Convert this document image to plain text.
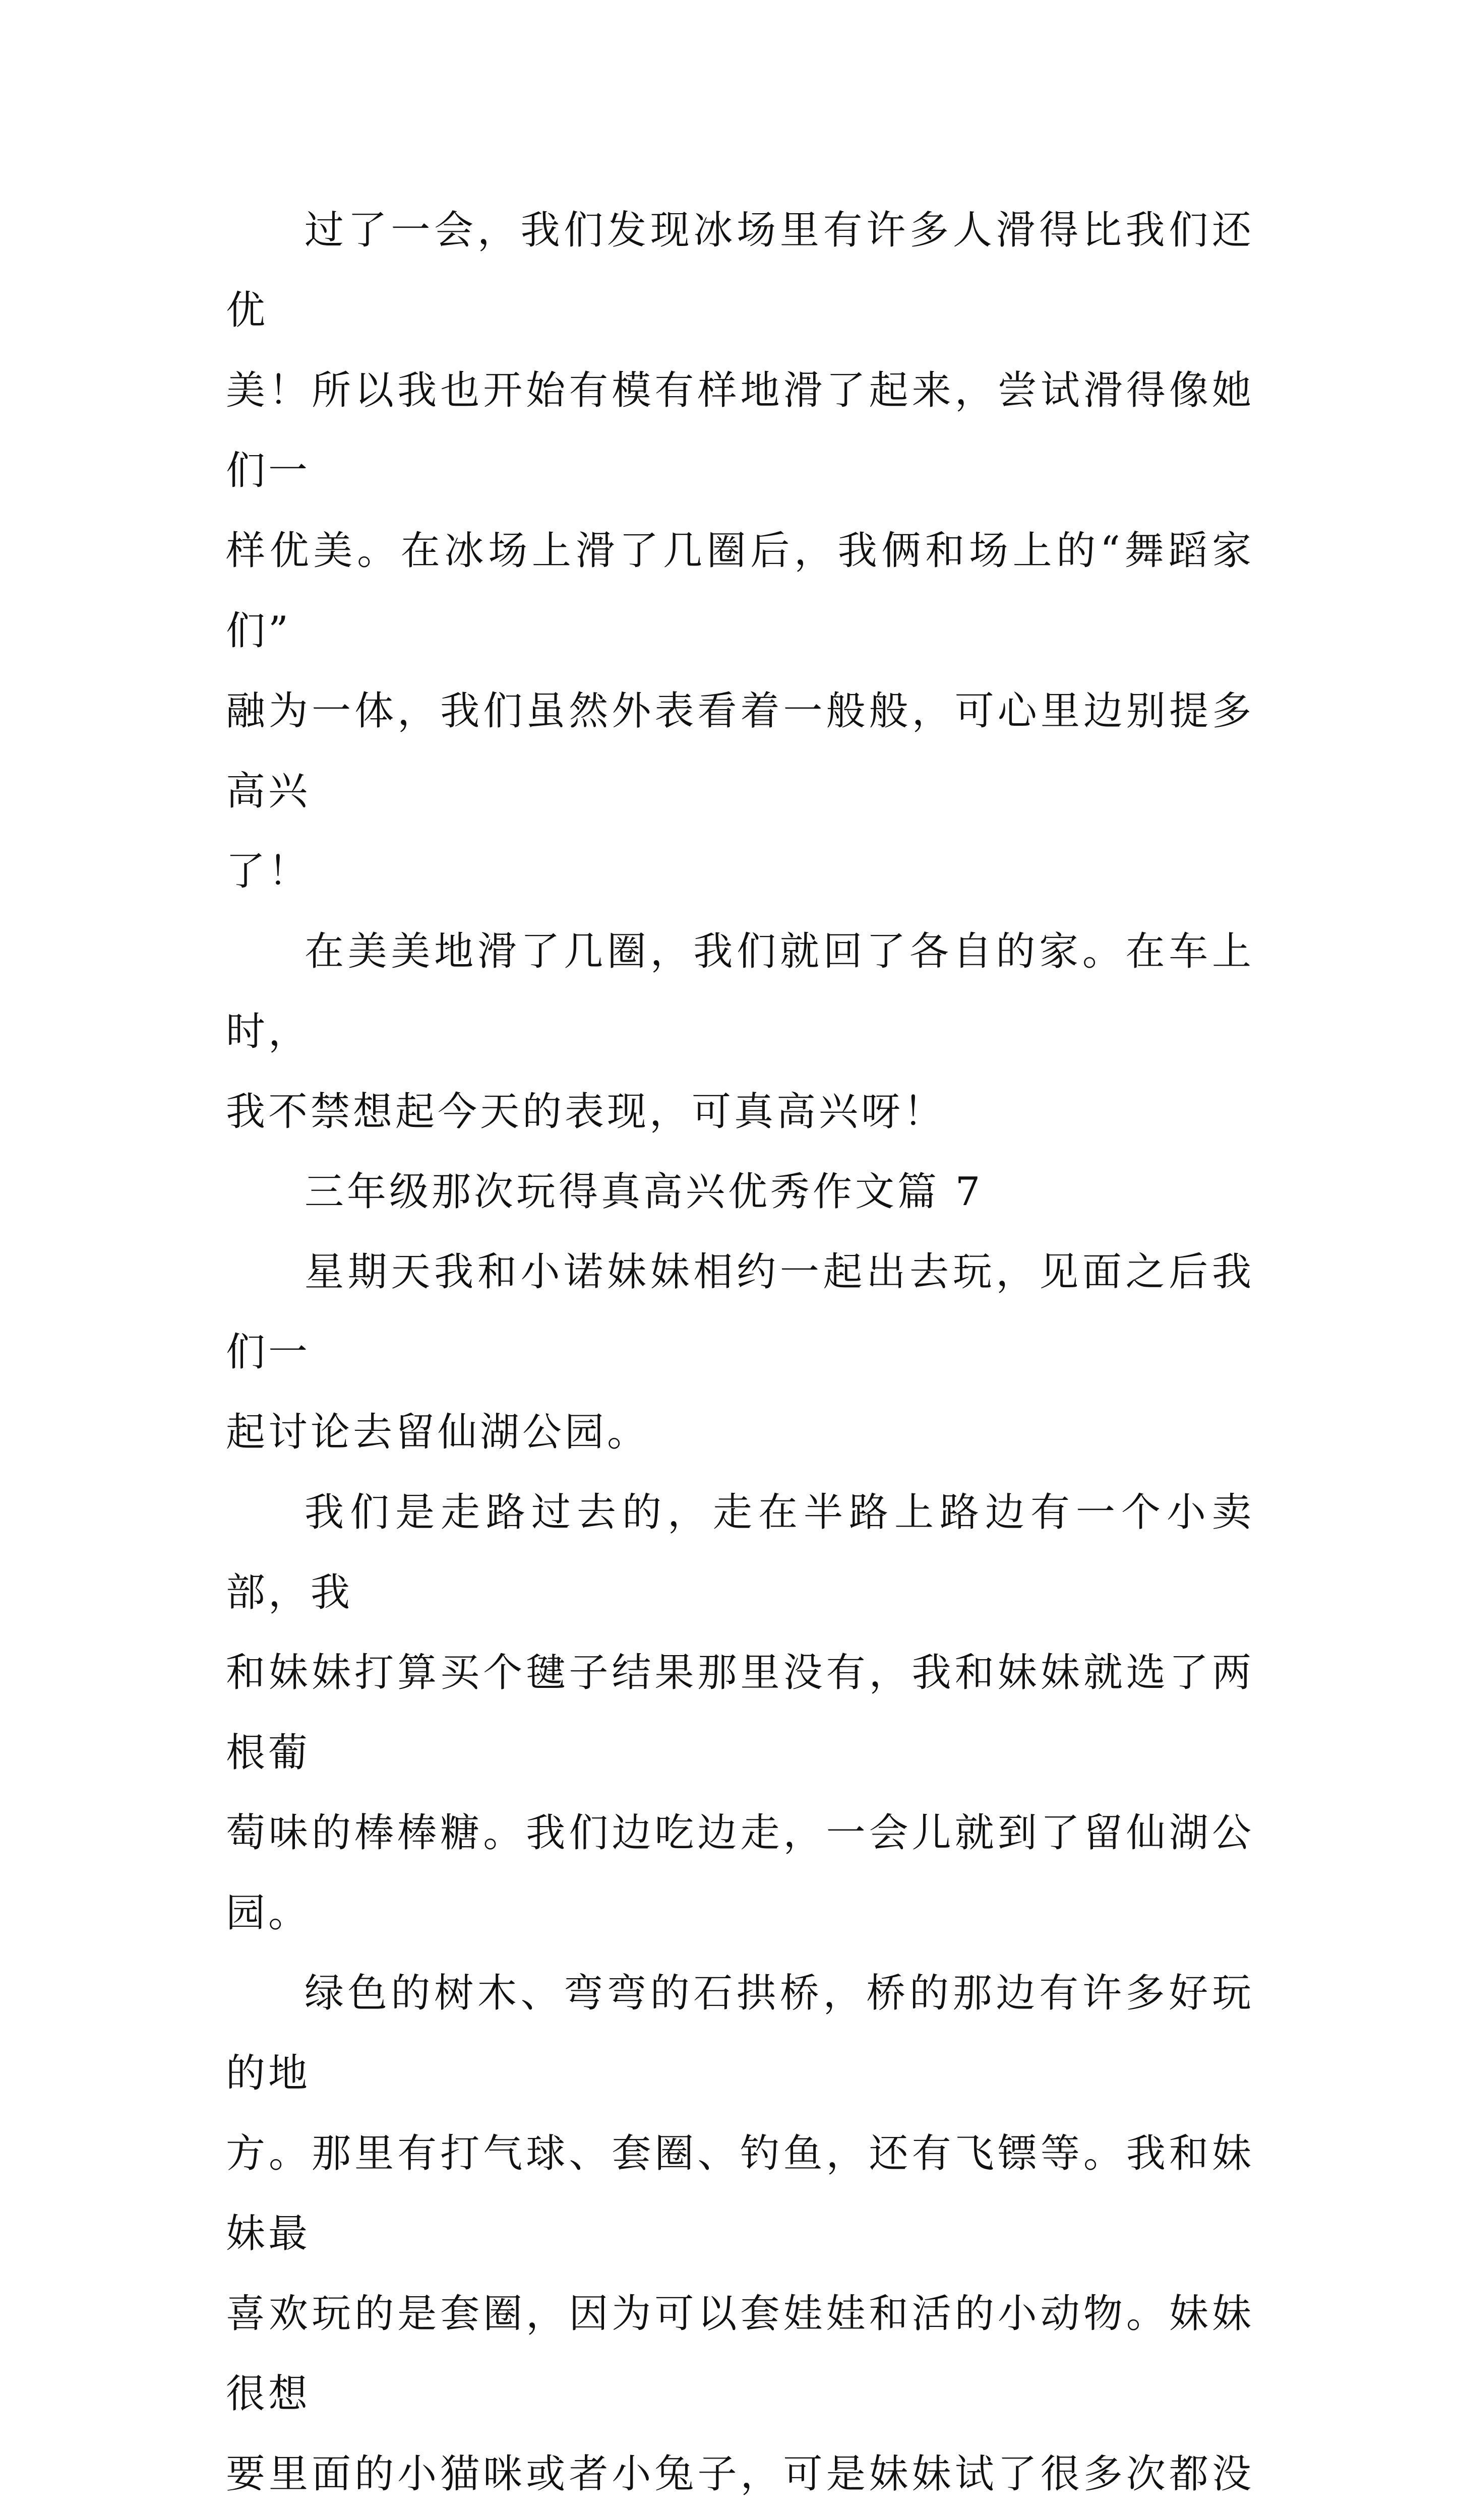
过了一会，我们发现冰场里有许多人滑得比我们还优
美！所以我也开始有模有样地滑了起来，尝试滑得像她们一
样优美。在冰场上滑了几圈后，我俩和场上的“舞蹈家们”
融为一体，我们虽然外表看着一般般，可心里边别提多高兴
了！

在美美地滑了几圈，我们就回了各自的家。在车上时，
我不禁想起今天的表现，可真高兴呀！

三年级那次玩得真高兴优秀作文篇 7

星期天我和小诺妹妹相约一起出去玩，见面之后我们一
起讨论去留仙湖公园。

我们是走路过去的，走在半路上路边有一个小卖部，我
和妹妹打算买个毽子结果那里没有，我和妹妹就选了两根葡
萄味的棒棒糖。我们边吃边走，一会儿就到了留仙湖公园。

绿色的树木、弯弯的石拱桥，桥的那边有许多好玩的地
方。那里有打气球、套圈、钓鱼，还有飞镖等。我和妹妹最
喜欢玩的是套圈，因为可以套娃娃和活的小动物。妹妹很想
要里面的小猫咪或者小兔子，可是妹妹试了很多次都没
